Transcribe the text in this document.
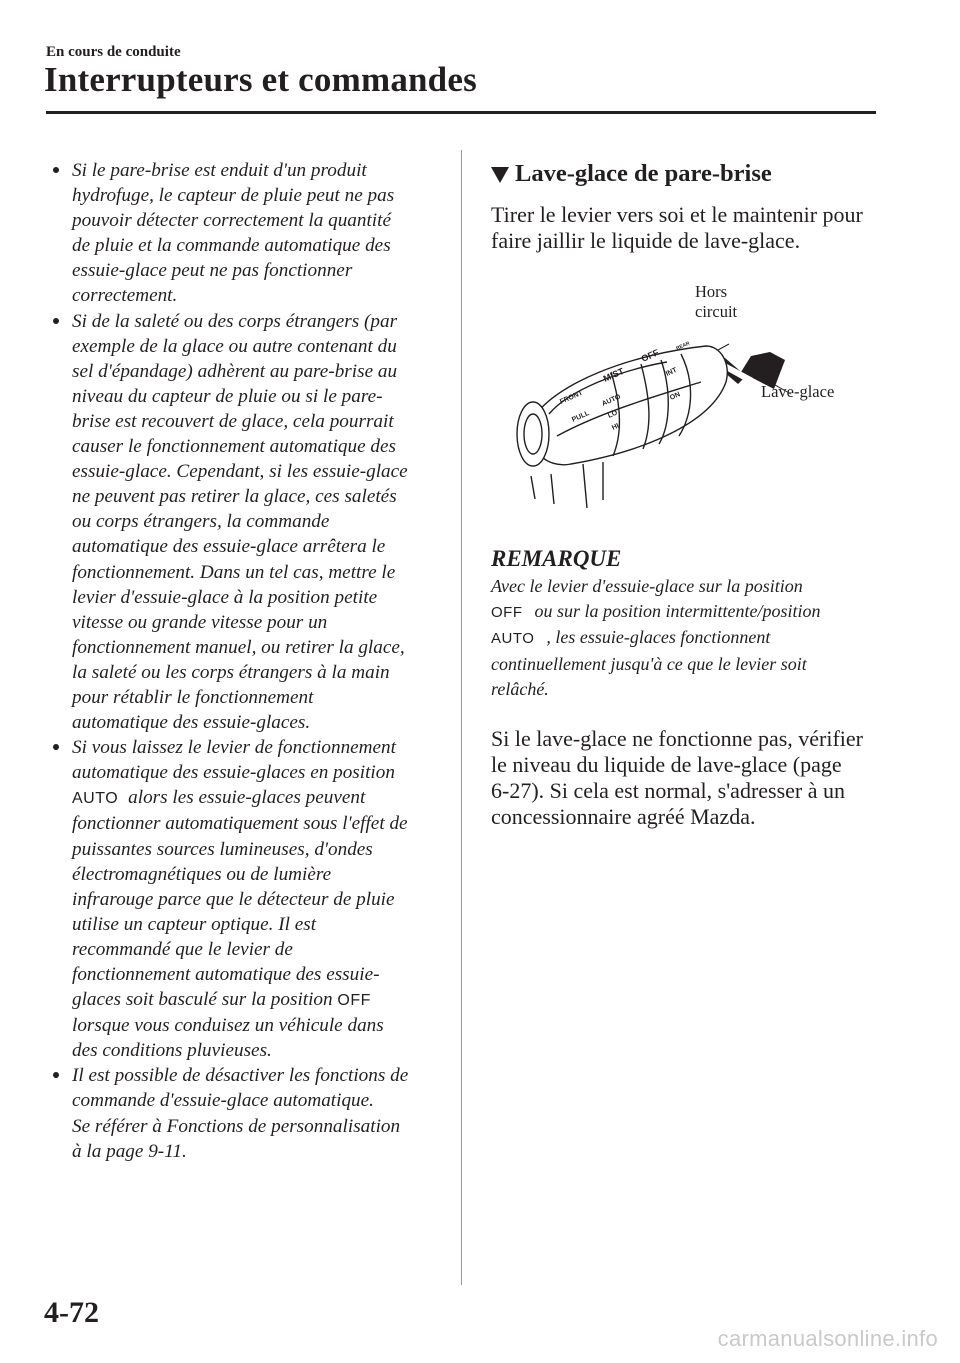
En cours de conduite
Interrupteurs et commandes
Si le pare-brise est enduit d'un produit
hydrofuge, le capteur de pluie peut ne pas
pouvoir détecter correctement la quantité
de pluie et la commande automatique des
essuie-glace peut ne pas fonctionner
correctement.
Si de la saleté ou des corps étrangers (par
exemple de la glace ou autre contenant du
sel d'épandage) adhèrent au pare-brise au
niveau du capteur de pluie ou si le pare-
brise est recouvert de glace, cela pourrait
causer le fonctionnement automatique des
essuie-glace. Cependant, si les essuie-glace
ne peuvent pas retirer la glace, ces saletés
ou corps étrangers, la commande
automatique des essuie-glace arrêtera le
fonctionnement. Dans un tel cas, mettre le
levier d'essuie-glace à la position petite
vitesse ou grande vitesse pour un
fonctionnement manuel, ou retirer la glace,
la saleté ou les corps étrangers à la main
pour rétablir le fonctionnement
automatique des essuie-glaces.
Si vous laissez le levier de fonctionnement
automatique des essuie-glaces en position
AUTO alors les essuie-glaces peuvent
fonctionner automatiquement sous l'effet de
puissantes sources lumineuses, d'ondes
électromagnétiques ou de lumière
infrarouge parce que le détecteur de pluie
utilise un capteur optique. Il est
recommandé que le levier de
fonctionnement automatique des essuie-
glaces soit basculé sur la position OFF
lorsque vous conduisez un véhicule dans
des conditions pluvieuses.
Il est possible de désactiver les fonctions de
commande d'essuie-glace automatique.
Se référer à Fonctions de personnalisation
à la page 9-11.
Lave-glace de pare-brise
Tirer le levier vers soi et le maintenir pour
faire jaillir le liquide de lave-glace.
FRONT
MIST
OFF
REAR
PULL
AUTO
LO
HI
INT
ON
Hors
circuit
Lave-glace
REMARQUE
Avec le levier d'essuie-glace sur la position
OFF ou sur la position intermittente/position
AUTO , les essuie-glaces fonctionnent
continuellement jusqu'à ce que le levier soit
relâché.
Si le lave-glace ne fonctionne pas, vérifier
le niveau du liquide de lave-glace (page
6-27). Si cela est normal, s'adresser à un
concessionnaire agréé Mazda.
4-72
carmanualsonline.info
